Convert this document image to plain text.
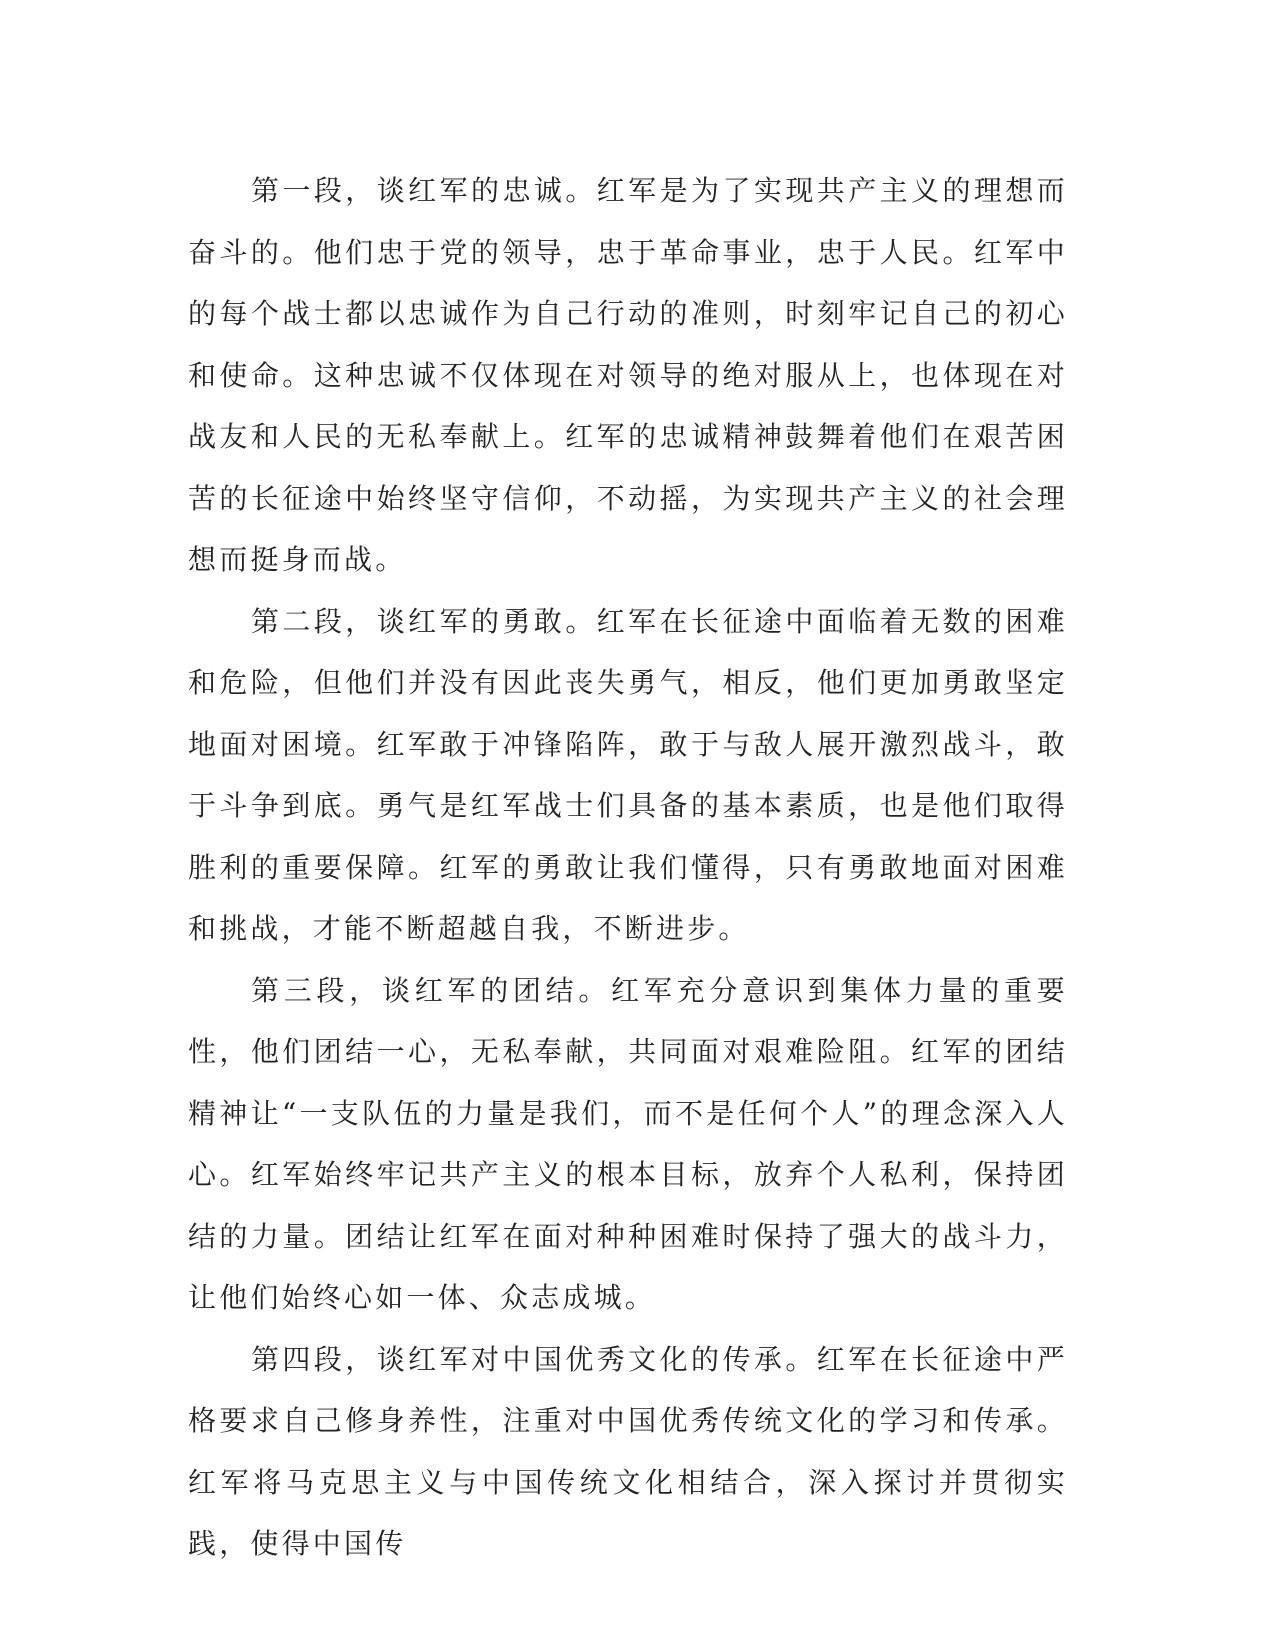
第一段，谈红军的忠诚。红军是为了实现共产主义的理想而奋斗的。他们忠于党的领导，忠于革命事业，忠于人民。红军中的每个战士都以忠诚作为自己行动的准则，时刻牢记自己的初心和使命。这种忠诚不仅体现在对领导的绝对服从上，也体现在对战友和人民的无私奉献上。红军的忠诚精神鼓舞着他们在艰苦困苦的长征途中始终坚守信仰，不动摇，为实现共产主义的社会理想而挺身而战。

第二段，谈红军的勇敢。红军在长征途中面临着无数的困难和危险，但他们并没有因此丧失勇气，相反，他们更加勇敢坚定地面对困境。红军敢于冲锋陷阵，敢于与敌人展开激烈战斗，敢于斗争到底。勇气是红军战士们具备的基本素质，也是他们取得胜利的重要保障。红军的勇敢让我们懂得，只有勇敢地面对困难和挑战，才能不断超越自我，不断进步。

第三段，谈红军的团结。红军充分意识到集体力量的重要性，他们团结一心，无私奉献，共同面对艰难险阻。红军的团结精神让“一支队伍的力量是我们，而不是任何个人”的理念深入人心。红军始终牢记共产主义的根本目标，放弃个人私利，保持团结的力量。团结让红军在面对种种困难时保持了强大的战斗力，让他们始终心如一体、众志成城。

第四段，谈红军对中国优秀文化的传承。红军在长征途中严格要求自己修身养性，注重对中国优秀传统文化的学习和传承。红军将马克思主义与中国传统文化相结合，深入探讨并贯彻实践，使得中国传
